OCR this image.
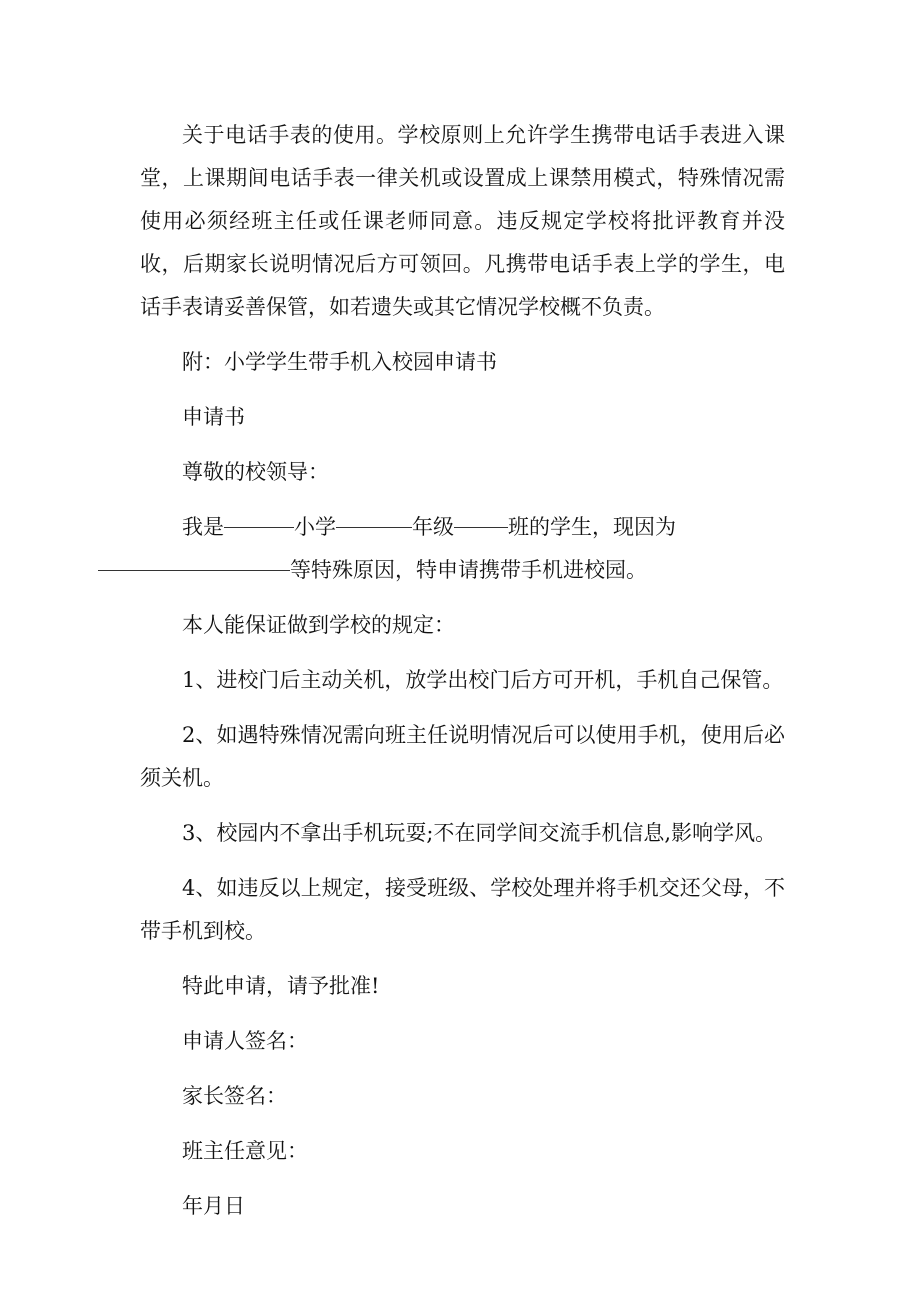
关于电话手表的使用。学校原则上允许学生携带电话手表进入课堂，上课期间电话手表一律关机或设置成上课禁用模式，特殊情况需使用必须经班主任或任课老师同意。违反规定学校将批评教育并没收，后期家长说明情况后方可领回。凡携带电话手表上学的学生，电话手表请妥善保管，如若遗失或其它情况学校概不负责。

附：小学学生带手机入校园申请书

申请书

尊敬的校领导：

我是	小学	年级	班的学生，现因为
等特殊原因，特申请携带手机进校园。

本人能保证做到学校的规定：

1、进校门后主动关机，放学出校门后方可开机，手机自己保管。

2、如遇特殊情况需向班主任说明情况后可以使用手机，使用后必须关机。

3、校园内不拿出手机玩耍;不在同学间交流手机信息,影响学风。

4、如违反以上规定，接受班级、学校处理并将手机交还父母，不带手机到校。

特此申请，请予批准!

申请人签名：

家长签名：

班主任意见：

年月日
